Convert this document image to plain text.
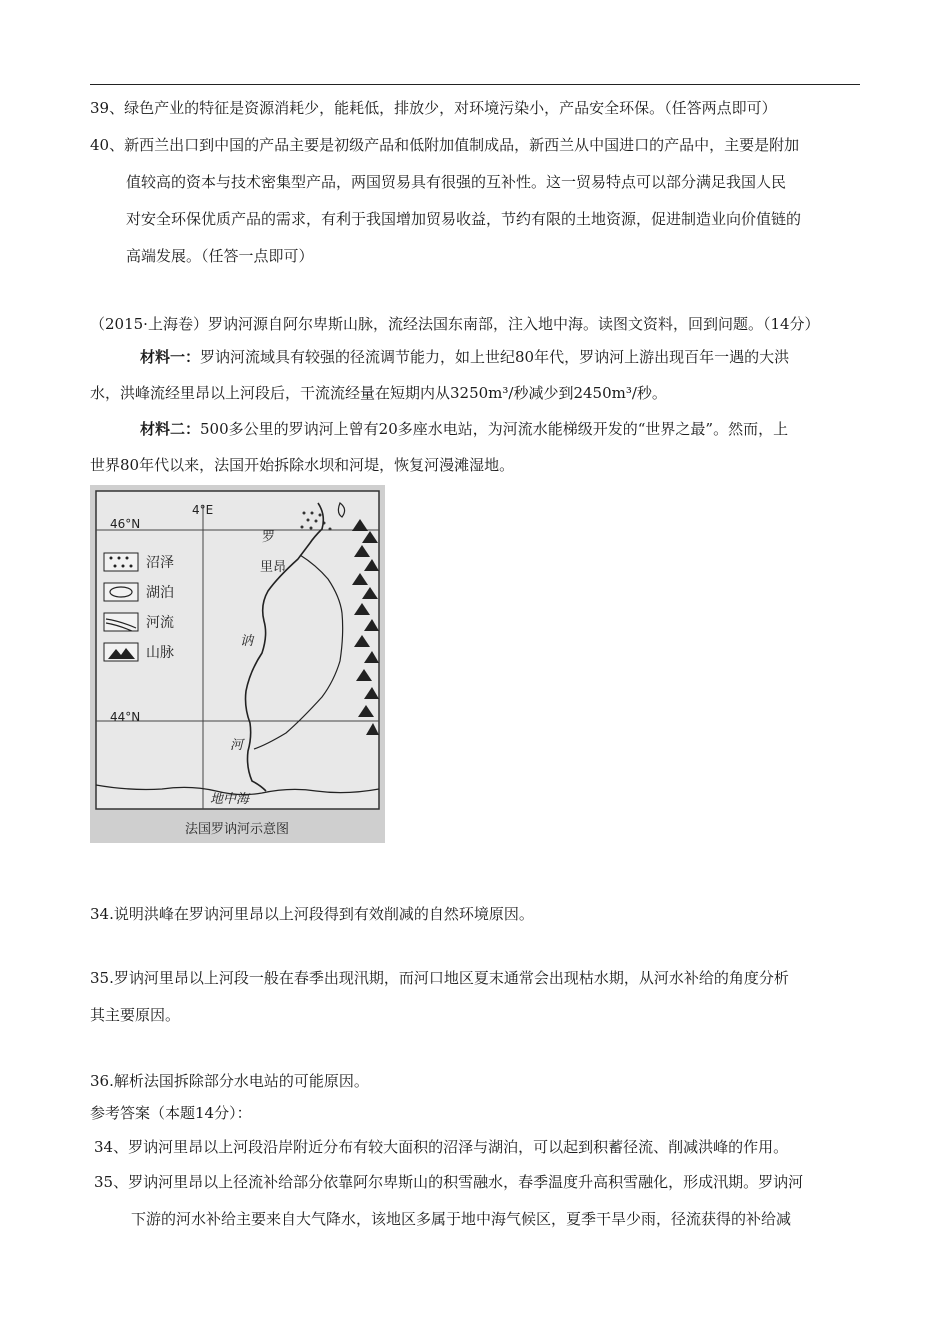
39、绿色产业的特征是资源消耗少，能耗低，排放少，对环境污染小，产品安全环保。（任答两点即可）
40、新西兰出口到中国的产品主要是初级产品和低附加值制成品，新西兰从中国进口的产品中，主要是附加
值较高的资本与技术密集型产品，两国贸易具有很强的互补性。这一贸易特点可以部分满足我国人民
对安全环保优质产品的需求，有利于我国增加贸易收益，节约有限的土地资源，促进制造业向价值链的
高端发展。（任答一点即可）
（2015·上海卷）罗讷河源自阿尔卑斯山脉，流经法国东南部，注入地中海。读图文资料，回到问题。（14分）
材料一：罗讷河流域具有较强的径流调节能力，如上世纪80年代，罗讷河上游出现百年一遇的大洪
水，洪峰流经里昂以上河段后，干流流经量在短期内从3250m³/秒减少到2450m³/秒。
材料二：500多公里的罗讷河上曾有20多座水电站，为河流水能梯级开发的“世界之最”。然而，上
世界80年代以来，法国开始拆除水坝和河堤，恢复河漫滩湿地。
4°E
46°N
44°N
沼泽
湖泊
河流
山脉
罗
里昂
讷
河
地中海
法国罗讷河示意图
34.说明洪峰在罗讷河里昂以上河段得到有效削减的自然环境原因。
35.罗讷河里昂以上河段一般在春季出现汛期，而河口地区夏末通常会出现枯水期，从河水补给的角度分析
其主要原因。
36.解析法国拆除部分水电站的可能原因。
参考答案（本题14分）：
34、罗讷河里昂以上河段沿岸附近分布有较大面积的沼泽与湖泊，可以起到积蓄径流、削减洪峰的作用。
35、罗讷河里昂以上径流补给部分依靠阿尔卑斯山的积雪融水，春季温度升高积雪融化，形成汛期。罗讷河
下游的河水补给主要来自大气降水，该地区多属于地中海气候区，夏季干旱少雨，径流获得的补给减
